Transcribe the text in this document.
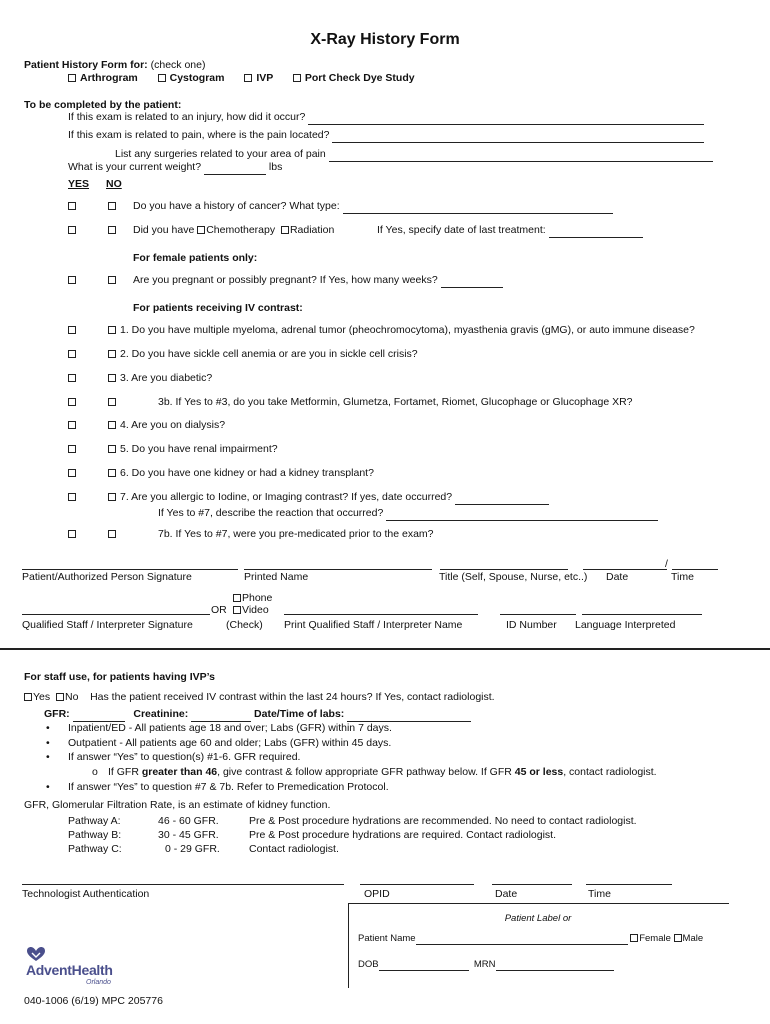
X-Ray History Form
Patient History Form for: (check one)
Arthrogram	Cystogram	IVP	Port Check Dye Study
To be completed by the patient:
If this exam is related to an injury, how did it occur?
If this exam is related to pain, where is the pain located?
List any surgeries related to your area of pain
What is your current weight?	lbs
YES NO
Do you have a history of cancer? What type:
Did you have Chemotherapy Radiation	If Yes, specify date of last treatment:
For female patients only:
Are you pregnant or possibly pregnant? If Yes, how many weeks?
For patients receiving IV contrast:
1. Do you have multiple myeloma, adrenal tumor (pheochromocytoma), myasthenia gravis (gMG), or auto immune disease?
2. Do you have sickle cell anemia or are you in sickle cell crisis?
3. Are you diabetic?
3b. If Yes to #3, do you take Metformin, Glumetza, Fortamet, Riomet, Glucophage or Glucophage XR?
4. Are you on dialysis?
5. Do you have renal impairment?
6. Do you have one kidney or had a kidney transplant?
7. Are you allergic to Iodine, or Imaging contrast? If yes, date occurred?
If Yes to #7, describe the reaction that occurred?
7b. If Yes to #7, were you pre-medicated prior to the exam?
/
Patient/Authorized Person Signature	Printed Name	Title (Self, Spouse, Nurse, etc..) Date	Time
Phone
OR	Video
Qualified Staff / Interpreter Signature	(Check) Print Qualified Staff / Interpreter Name	ID Number Language Interpreted
For staff use, for patients having IVP’s
Yes No Has the patient received IV contrast within the last 24 hours? If Yes, contact radiologist.
GFR:	Creatinine:	Date/Time of labs:
• Inpatient/ED - All patients age 18 and over; Labs (GFR) within 7 days.
• Outpatient - All patients age 60 and older; Labs (GFR) within 45 days.
• If answer “Yes” to question(s) #1-6. GFR required.
o If GFR greater than 46, give contrast & follow appropriate GFR pathway below. If GFR 45 or less, contact radiologist.
• If answer “Yes” to question #7 & 7b. Refer to Premedication Protocol.
GFR, Glomerular Filtration Rate, is an estimate of kidney function.
Pathway A:	46 - 60 GFR.	Pre & Post procedure hydrations are recommended. No need to contact radiologist.
Pathway B:	30 - 45 GFR.	Pre & Post procedure hydrations are required. Contact radiologist.
Pathway C:	0 - 29 GFR.	Contact radiologist.
Technologist Authentication	OPID	Date	Time
Patient Label or
Patient Name	Female Male
DOB	MRN
AdventHealth
Orlando
040-1006 (6/19) MPC 205776
